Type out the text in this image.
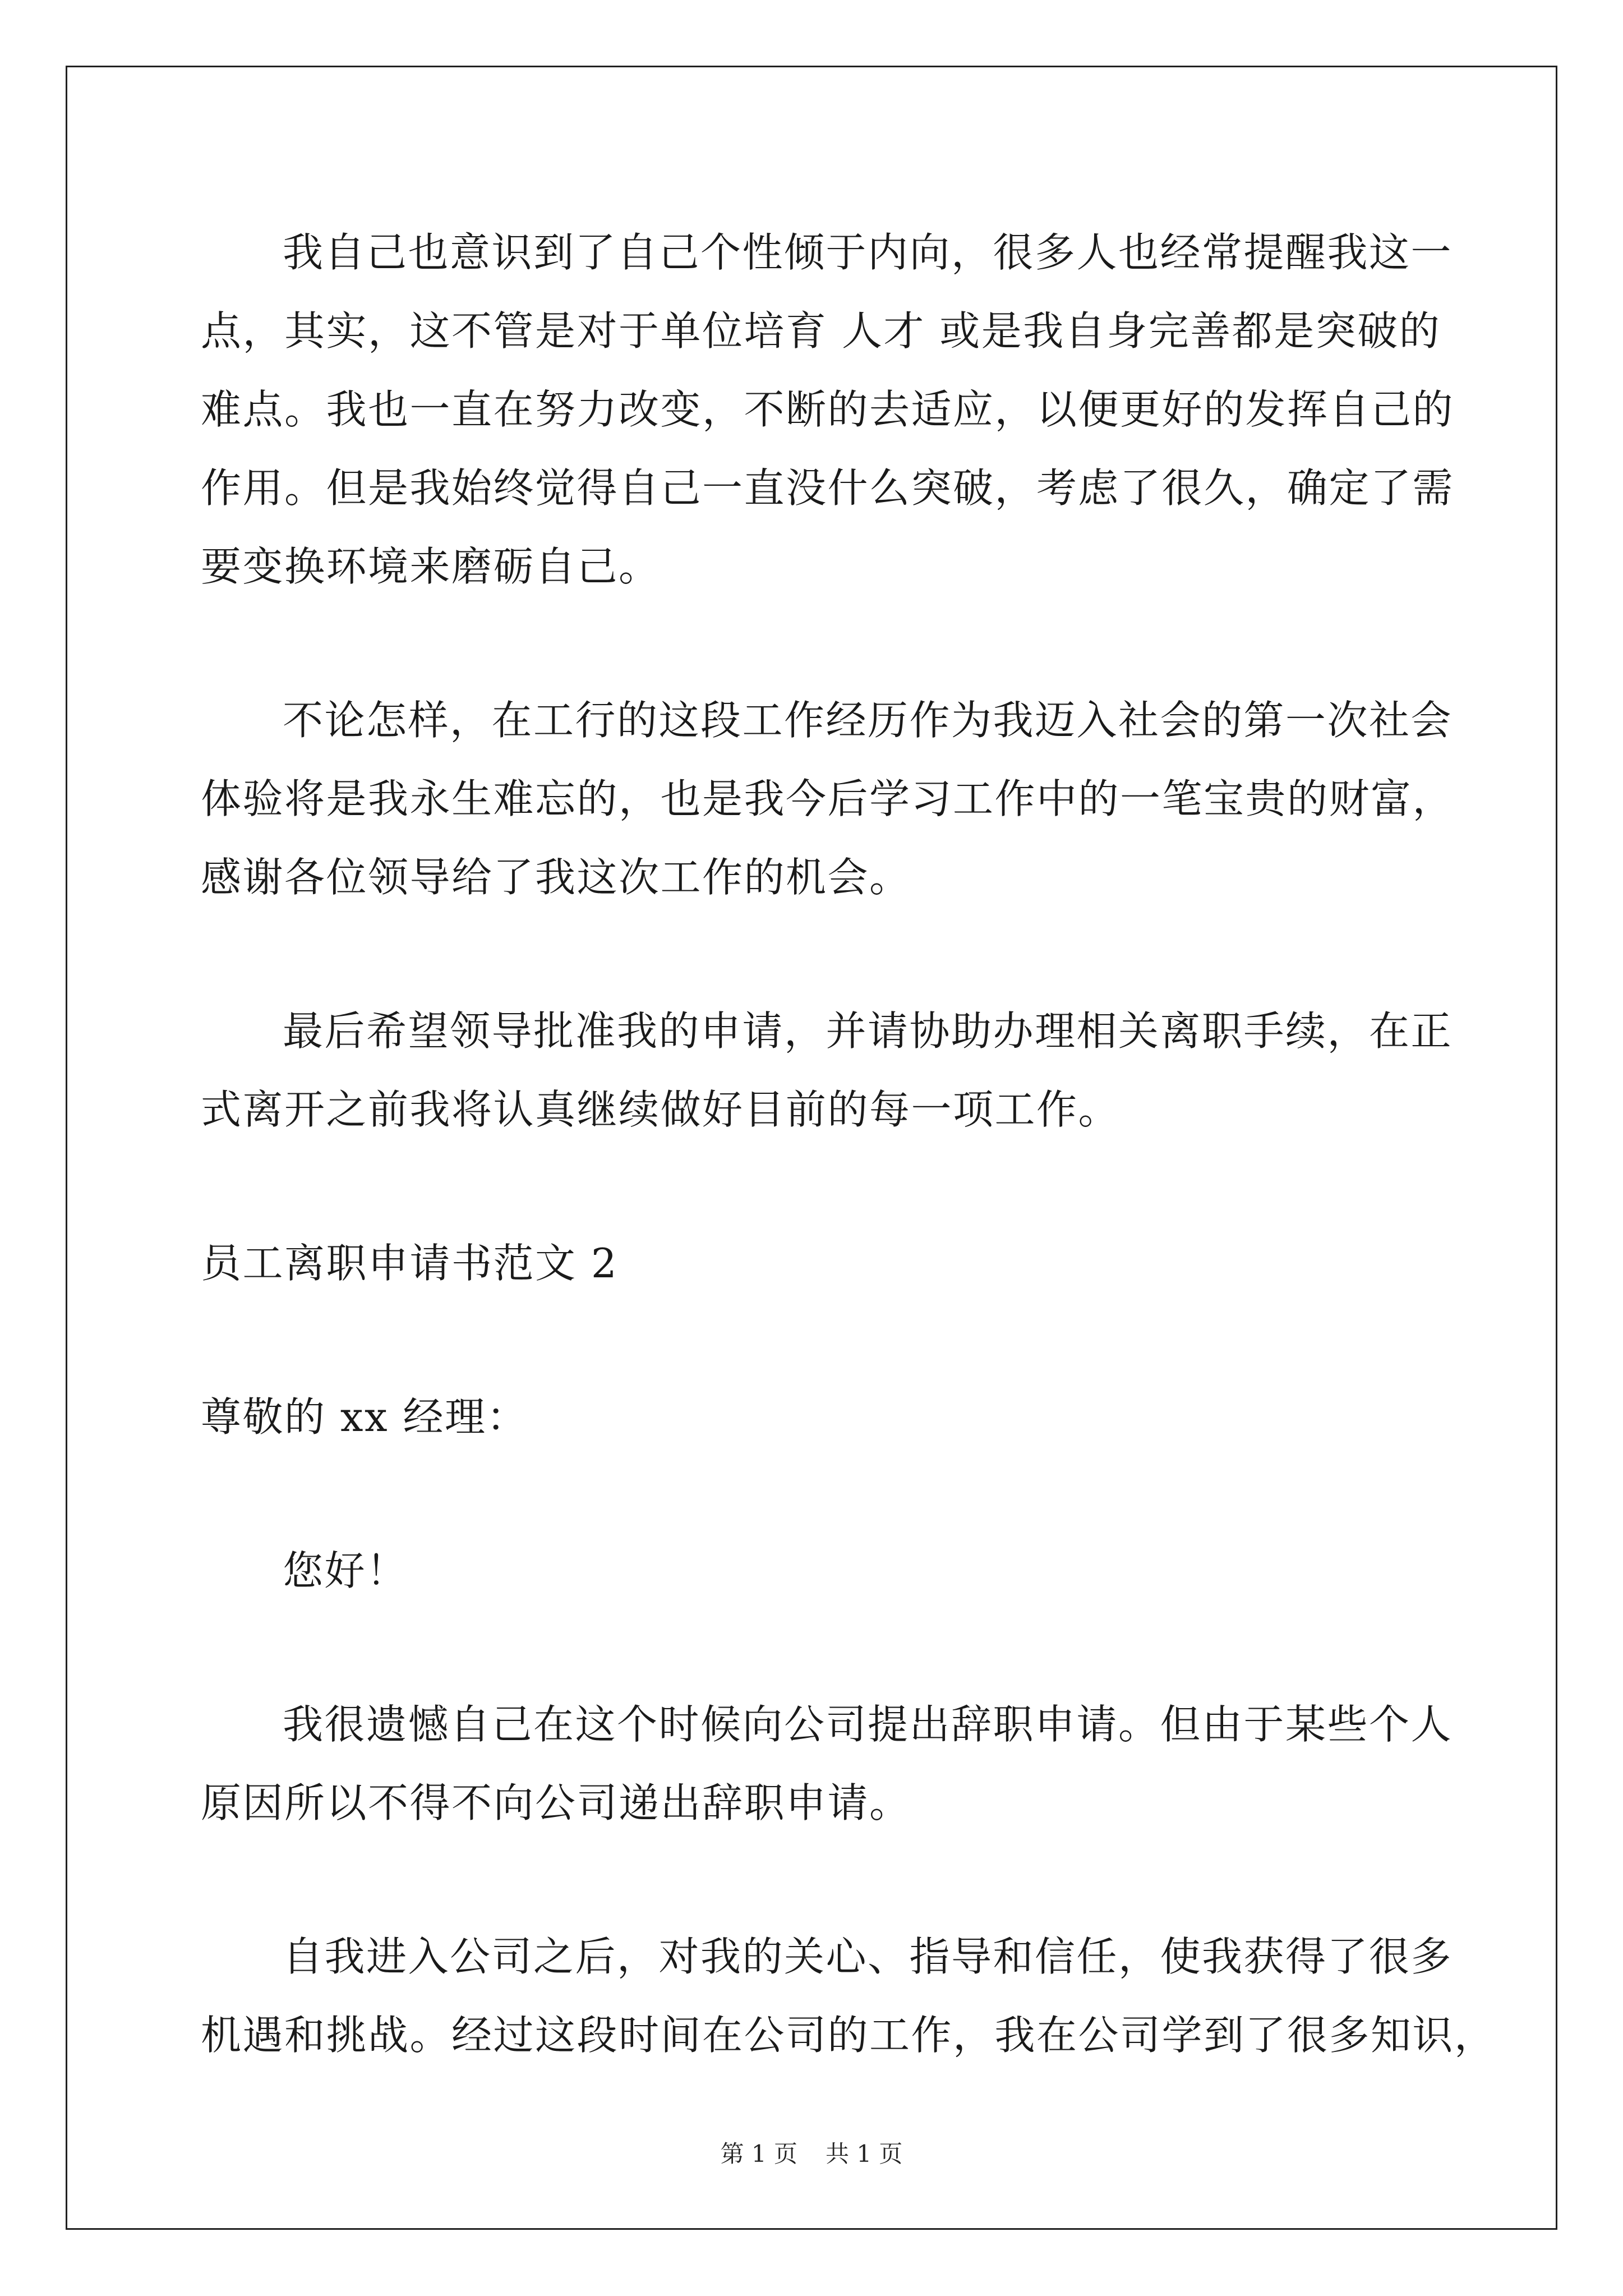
我自己也意识到了自己个性倾于内向，很多人也经常提醒我这一
点，其实，这不管是对于单位培育 人才 或是我自身完善都是突破的
难点。我也一直在努力改变，不断的去适应，以便更好的发挥自己的
作用。但是我始终觉得自己一直没什么突破，考虑了很久，确定了需
要变换环境来磨砺自己。
不论怎样，在工行的这段工作经历作为我迈入社会的第一次社会
体验将是我永生难忘的，也是我今后学习工作中的一笔宝贵的财富，
感谢各位领导给了我这次工作的机会。
最后希望领导批准我的申请，并请协助办理相关离职手续，在正
式离开之前我将认真继续做好目前的每一项工作。
员工离职申请书范文 2
尊敬的 xx 经理：
您好！
我很遗憾自己在这个时候向公司提出辞职申请。但由于某些个人
原因所以不得不向公司递出辞职申请。
自我进入公司之后，对我的关心、指导和信任，使我获得了很多
机遇和挑战。经过这段时间在公司的工作，我在公司学到了很多知识，
第 1 页 共 1 页
